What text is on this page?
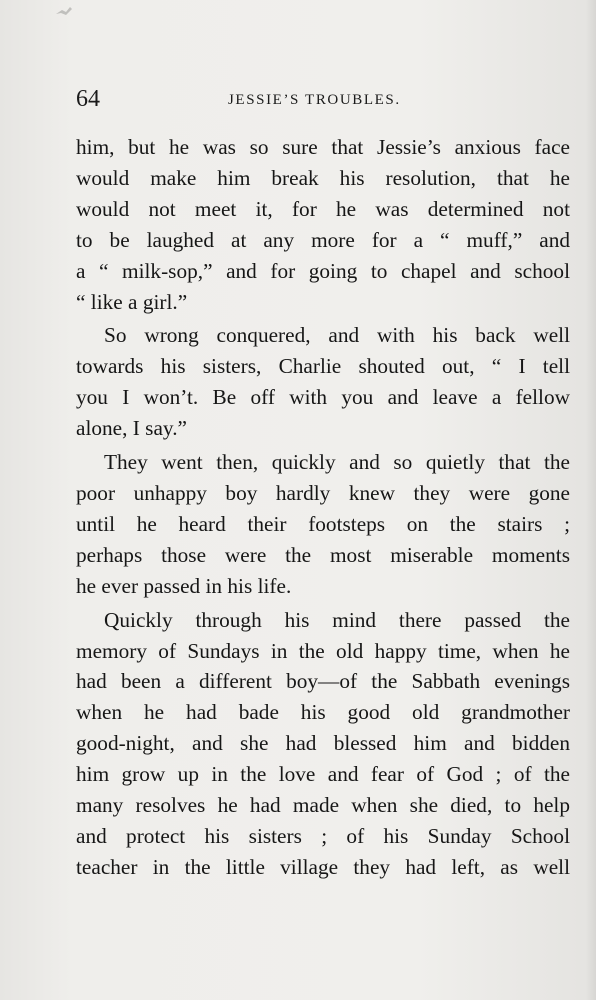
64	JESSIE’S TROUBLES.
him, but he was so sure that Jessie’s anxious face
would make him break his resolution, that he
would not meet it, for he was determined not
to be laughed at any more for a “ muff,” and
a “ milk-sop,” and for going to chapel and school
“ like a girl.”
So wrong conquered, and with his back well
towards his sisters, Charlie shouted out, “ I tell
you I won’t. Be off with you and leave a fellow
alone, I say.”
They went then, quickly and so quietly that the
poor unhappy boy hardly knew they were gone
until he heard their footsteps on the stairs ;
perhaps those were the most miserable moments
he ever passed in his life.
Quickly through his mind there passed the
memory of Sundays in the old happy time, when he
had been a different boy—of the Sabbath evenings
when he had bade his good old grandmother
good-night, and she had blessed him and bidden
him grow up in the love and fear of God ; of the
many resolves he had made when she died, to help
and protect his sisters ; of his Sunday School
teacher in the little village they had left, as well
